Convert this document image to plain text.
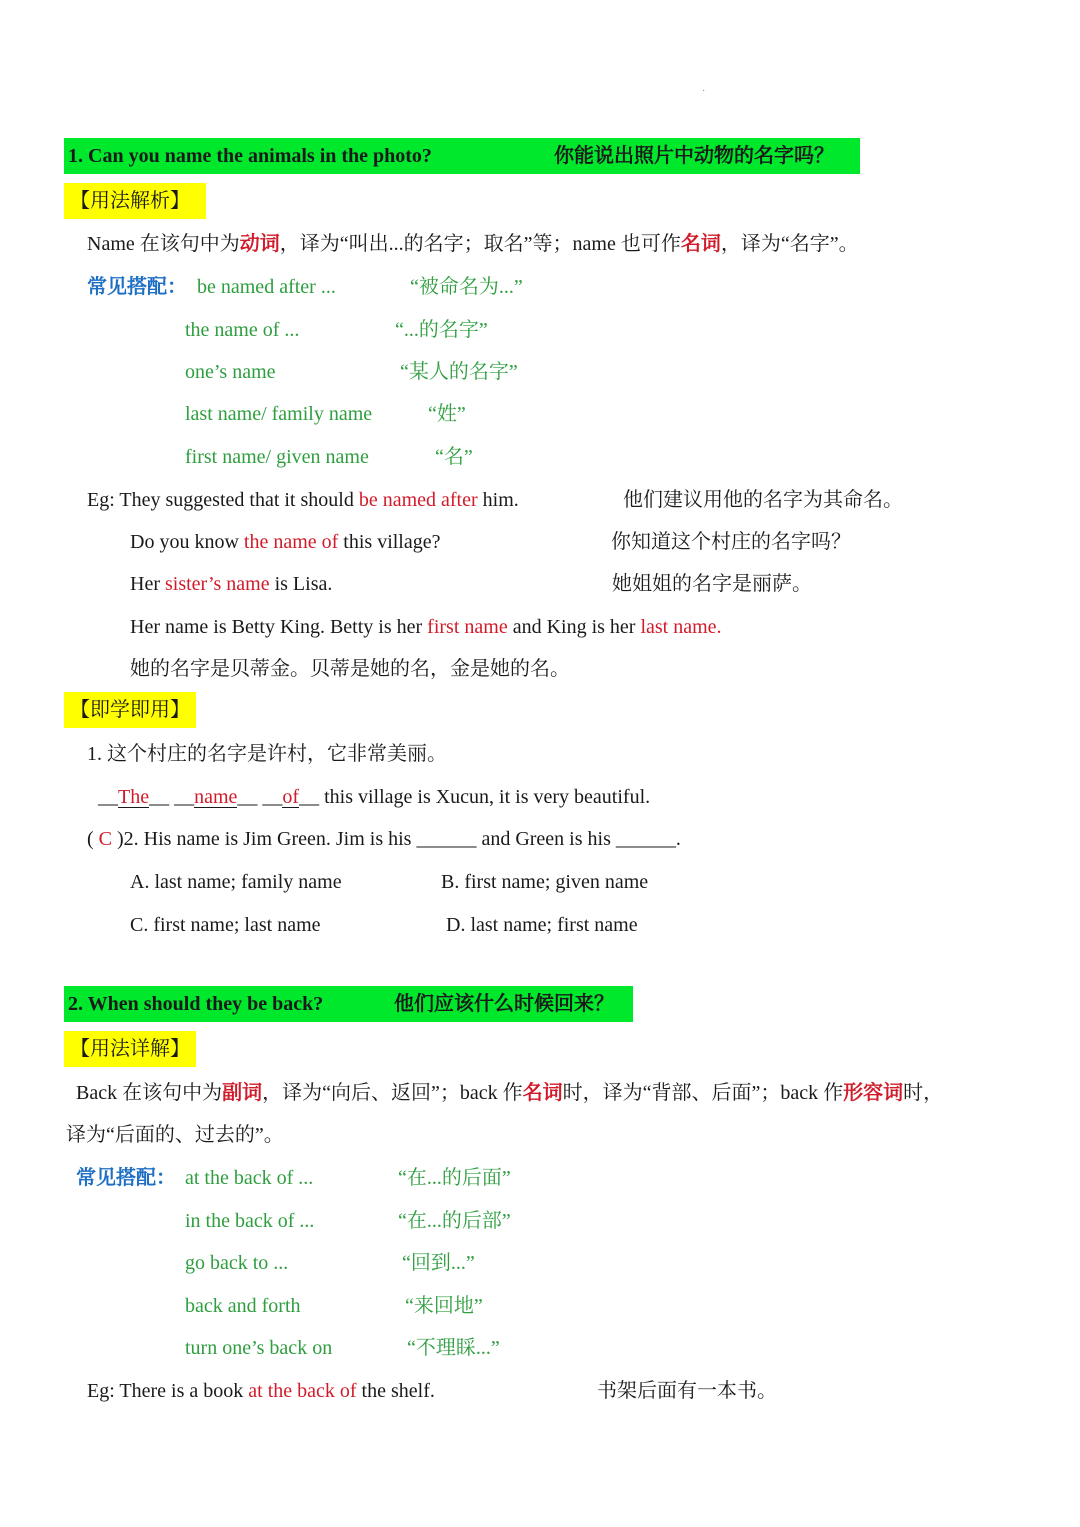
·
1. Can you name the animals in the photo?	你能说出照片中动物的名字吗？
【用法解析】
Name 在该句中为动词，译为“叫出...的名字；取名”等；name 也可作名词，译为“名字”。
常见搭配： be named after ...	“被命名为...”
the name of ...	“...的名字”
one’s name	“某人的名字”
last name/ family name	“姓”
first name/ given name	“名”
Eg: They suggested that it should be named after him.	他们建议用他的名字为其命名。
Do you know the name of this village?	你知道这个村庄的名字吗？
Her sister’s name is Lisa.	她姐姐的名字是丽萨。
Her name is Betty King. Betty is her first name and King is her last name.
她的名字是贝蒂金。贝蒂是她的名，金是她的名。
【即学即用】
1. 这个村庄的名字是许村，它非常美丽。
__The__ __name__ __of__ this village is Xucun, it is very beautiful.
( C )2. His name is Jim Green. Jim is his ______ and Green is his ______.
A. last name; family name	B. first name; given name
C. first name; last name	D. last name; first name
2. When should they be back?	他们应该什么时候回来？
【用法详解】
Back 在该句中为副词，译为“向后、返回”；back 作名词时，译为“背部、后面”；back 作形容词时，
译为“后面的、过去的”。
常见搭配： at the back of ...	“在...的后面”
in the back of ...	“在...的后部”
go back to ...	“回到...”
back and forth	“来回地”
turn one’s back on	“不理睬...”
Eg: There is a book at the back of the shelf.	书架后面有一本书。
